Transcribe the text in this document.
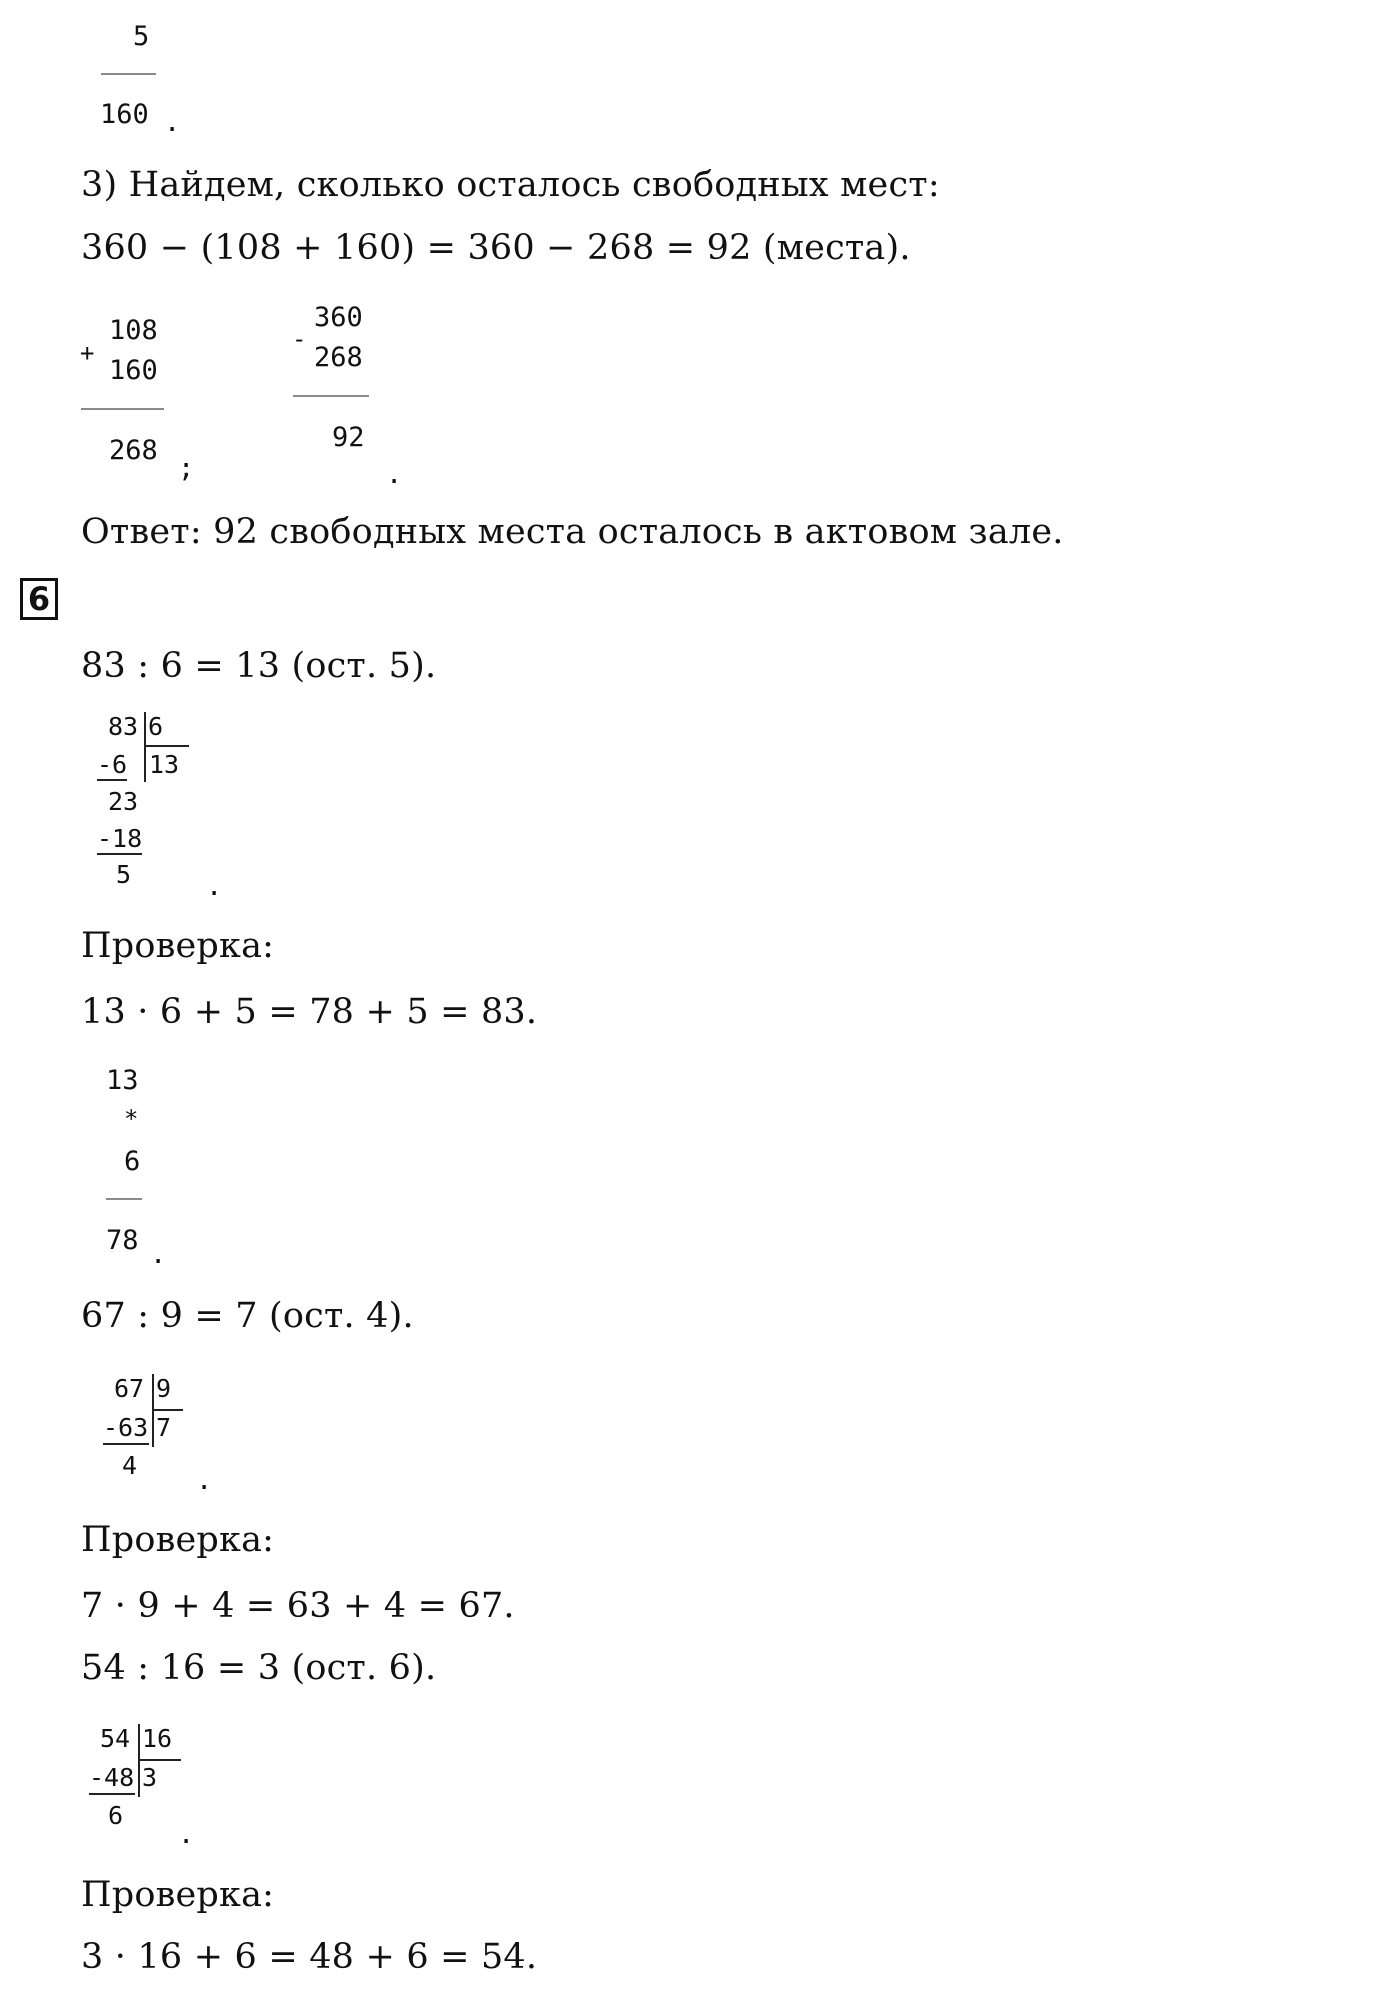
5
160 .
3) Найдем, сколько осталось свободных мест:
360 − (108 + 160) = 360 − 268 = 92 (места).
+
108
160
268
;
-
360
268
92
.
Ответ: 92 свободных места осталось в актовом зале.
6
83 : 6 = 13 (ост. 5).
83 6
13
-6
23
-18
5	.
Проверка:
13 · 6 + 5 = 78 + 5 = 83.
13
*
6
78 .
67 : 9 = 7 (ост. 4).
67 9
7
-63
4 .
Проверка:
7 · 9 + 4 = 63 + 4 = 67.
54 : 16 = 3 (ост. 6).
54 16
3
-48
6
.
Проверка:
3 · 16 + 6 = 48 + 6 = 54.
